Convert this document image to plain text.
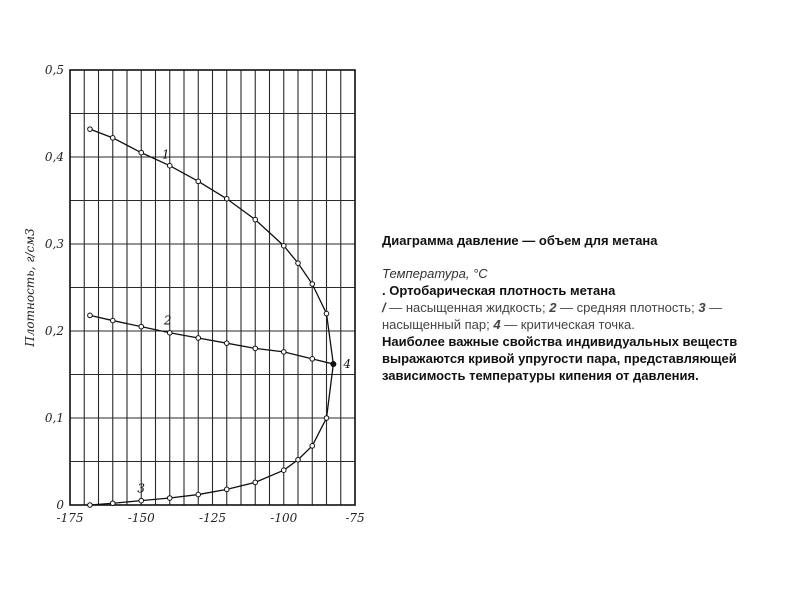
-175	-150	-125	-100	-75
0
0,1
0,2
0,3
0,4
0,5
Плотность, г/см3
1
2
3
4
Диаграмма давление — объем для метана
Температура, °С
. Ортобарическая плотность метана
/ — насыщенная жидкость; 2 — средняя плотность; 3 — насыщенный пар; 4 — критическая точка.
Наиболее важные свойства индивидуальных веществ выражаются кривой упругости пара, представляющей зависимость температуры кипения от давления.
